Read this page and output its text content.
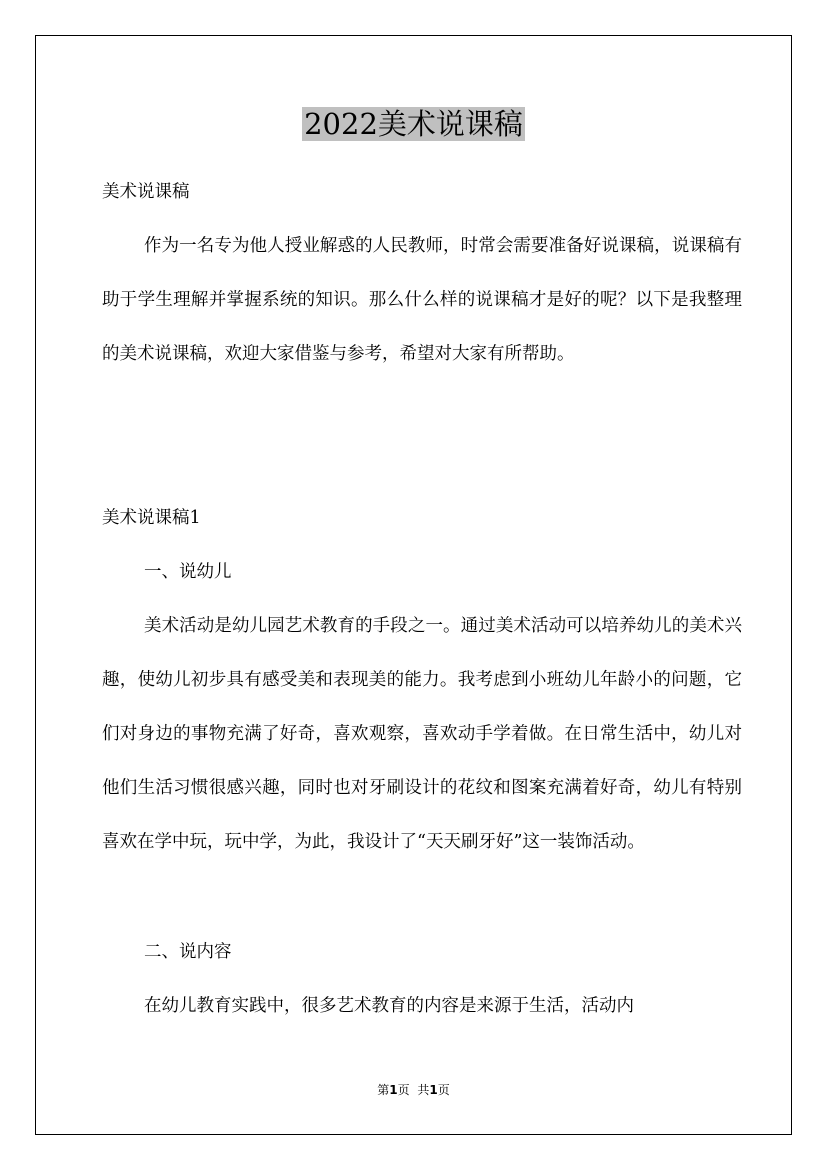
2022美术说课稿

美术说课稿

作为一名专为他人授业解惑的人民教师，时常会需要准备好说课稿，说课稿有助于学生理解并掌握系统的知识。那么什么样的说课稿才是好的呢？以下是我整理的美术说课稿，欢迎大家借鉴与参考，希望对大家有所帮助。

美术说课稿1

一、说幼儿

美术活动是幼儿园艺术教育的手段之一。通过美术活动可以培养幼儿的美术兴趣，使幼儿初步具有感受美和表现美的能力。我考虑到小班幼儿年龄小的问题，它们对身边的事物充满了好奇，喜欢观察，喜欢动手学着做。在日常生活中，幼儿对他们生活习惯很感兴趣，同时也对牙刷设计的花纹和图案充满着好奇，幼儿有特别喜欢在学中玩，玩中学，为此，我设计了“天天刷牙好”这一装饰活动。

二、说内容

在幼儿教育实践中，很多艺术教育的内容是来源于生活，活动内

第1页 共1页
